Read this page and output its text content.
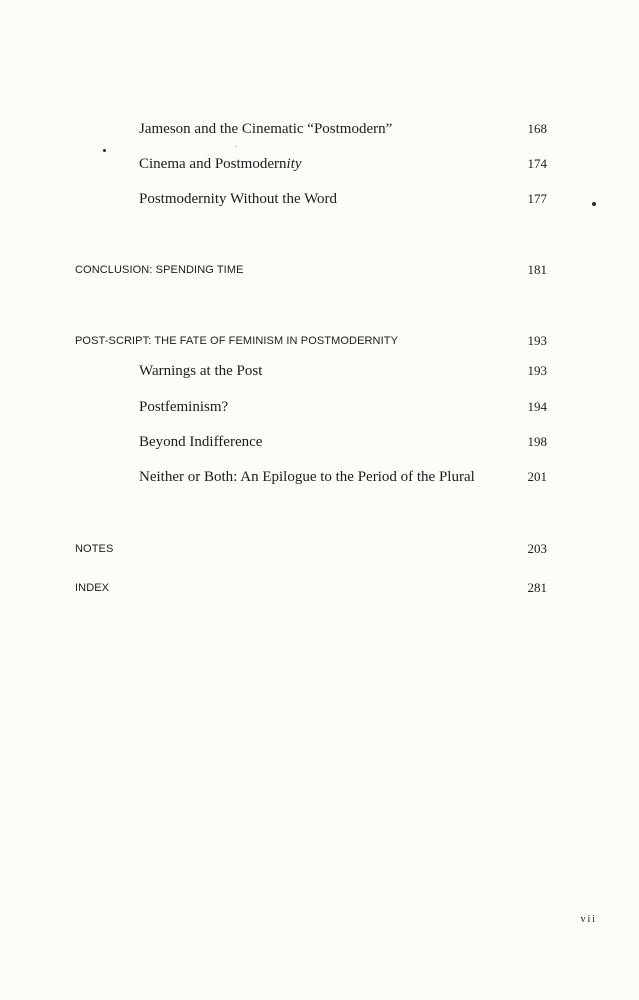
Jameson and the Cinematic “Postmodern”	168
Cinema and Postmodernity	174
Postmodernity Without the Word	177
CONCLUSION: SPENDING TIME	181
POST-SCRIPT: THE FATE OF FEMINISM IN POSTMODERNITY	193
Warnings at the Post	193
Postfeminism?	194
Beyond Indifference	198
Neither or Both: An Epilogue to the Period of the Plural	201
NOTES	203
INDEX	281
vii
